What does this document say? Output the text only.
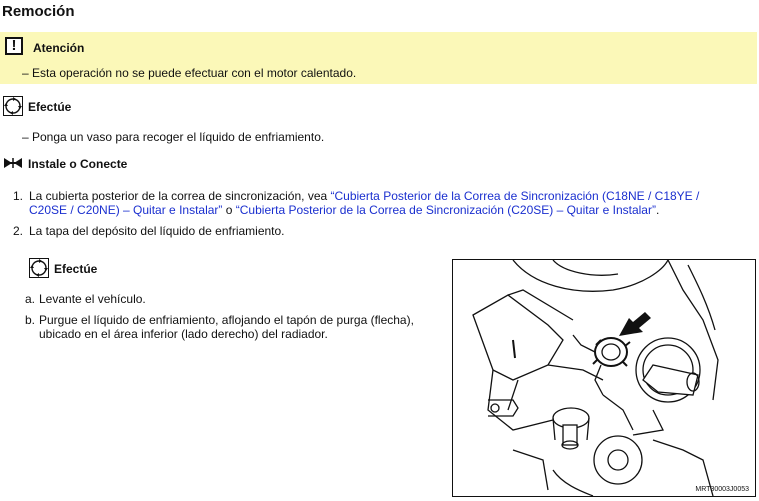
Remoción
!	Atención
– Esta operación no se puede efectuar con el motor calentado.
Efectúe
– Ponga un vaso para recoger el líquido de enfriamiento.
Instale o Conecte
1. La cubierta posterior de la correa de sincronización, vea “Cubierta Posterior de la Correa de Sincronización (C18NE / C18YE /
C20SE / C20NE) – Quitar e Instalar” o “Cubierta Posterior de la Correa de Sincronización (C20SE) – Quitar e Instalar”.
2. La tapa del depósito del líquido de enfriamiento.
Efectúe
a. Levante el vehículo.
b. Purgue el líquido de enfriamiento, aflojando el tapón de purga (flecha),
ubicado en el área inferior (lado derecho) del radiador.
MRT30003J0053
